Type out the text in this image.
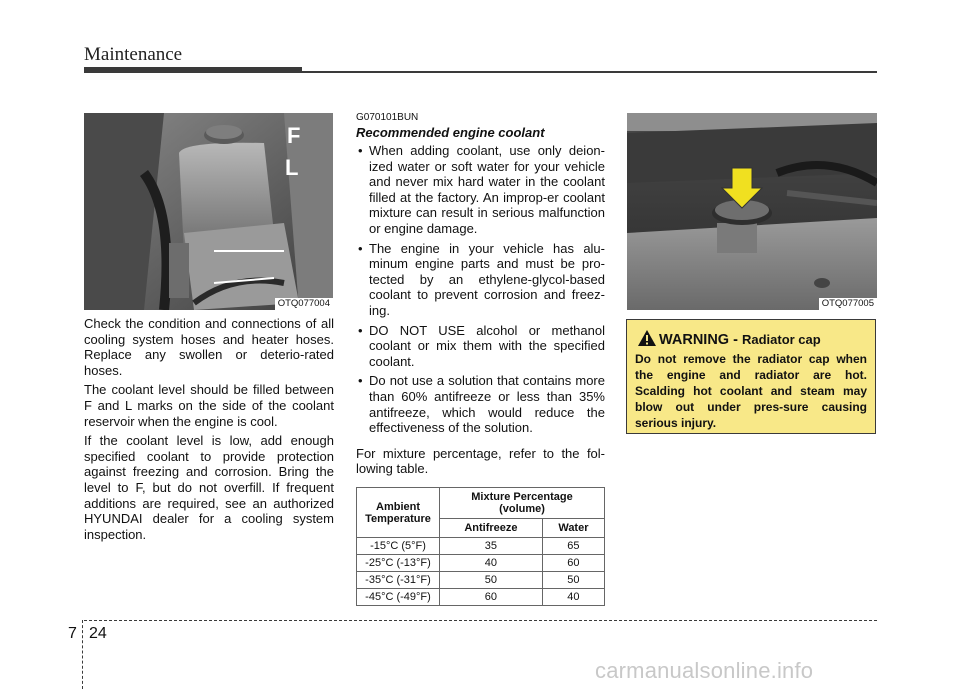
Maintenance
F
L
OTQ077004

Check the condition and connections of all cooling system hoses and heater hoses. Replace any swollen or deterio-rated hoses.

The coolant level should be filled between F and L marks on the side of the coolant reservoir when the engine is cool.

If the coolant level is low, add enough specified coolant to provide protection against freezing and corrosion. Bring the level to F, but do not overfill. If frequent additions are required, see an authorized HYUNDAI dealer for a cooling system inspection.

G070101BUN
Recommended engine coolant
• When adding coolant, use only deion-ized water or soft water for your vehicle and never mix hard water in the coolant filled at the factory. An improp-er coolant mixture can result in serious malfunction or engine damage.
• The engine in your vehicle has alu-minum engine parts and must be pro-tected by an ethylene-glycol-based coolant to prevent corrosion and freez-ing.
• DO NOT USE alcohol or methanol coolant or mix them with the specified coolant.
• Do not use a solution that contains more than 60% antifreeze or less than 35% antifreeze, which would reduce the effectiveness of the solution.

For mixture percentage, refer to the fol-lowing table.

Ambient
Temperature	Mixture Percentage
(volume)	
	Antifreeze	Water
-15°C (5°F)	35	65
-25°C (-13°F)	40	60
-35°C (-31°F)	50	50
-45°C (-49°F)	60	40
OTQ077005
WARNING - Radiator cap
Do not remove the radiator cap when the engine and radiator are hot. Scalding hot coolant and steam may blow out under pres-sure causing serious injury.
7 24
carmanualsonline.info
